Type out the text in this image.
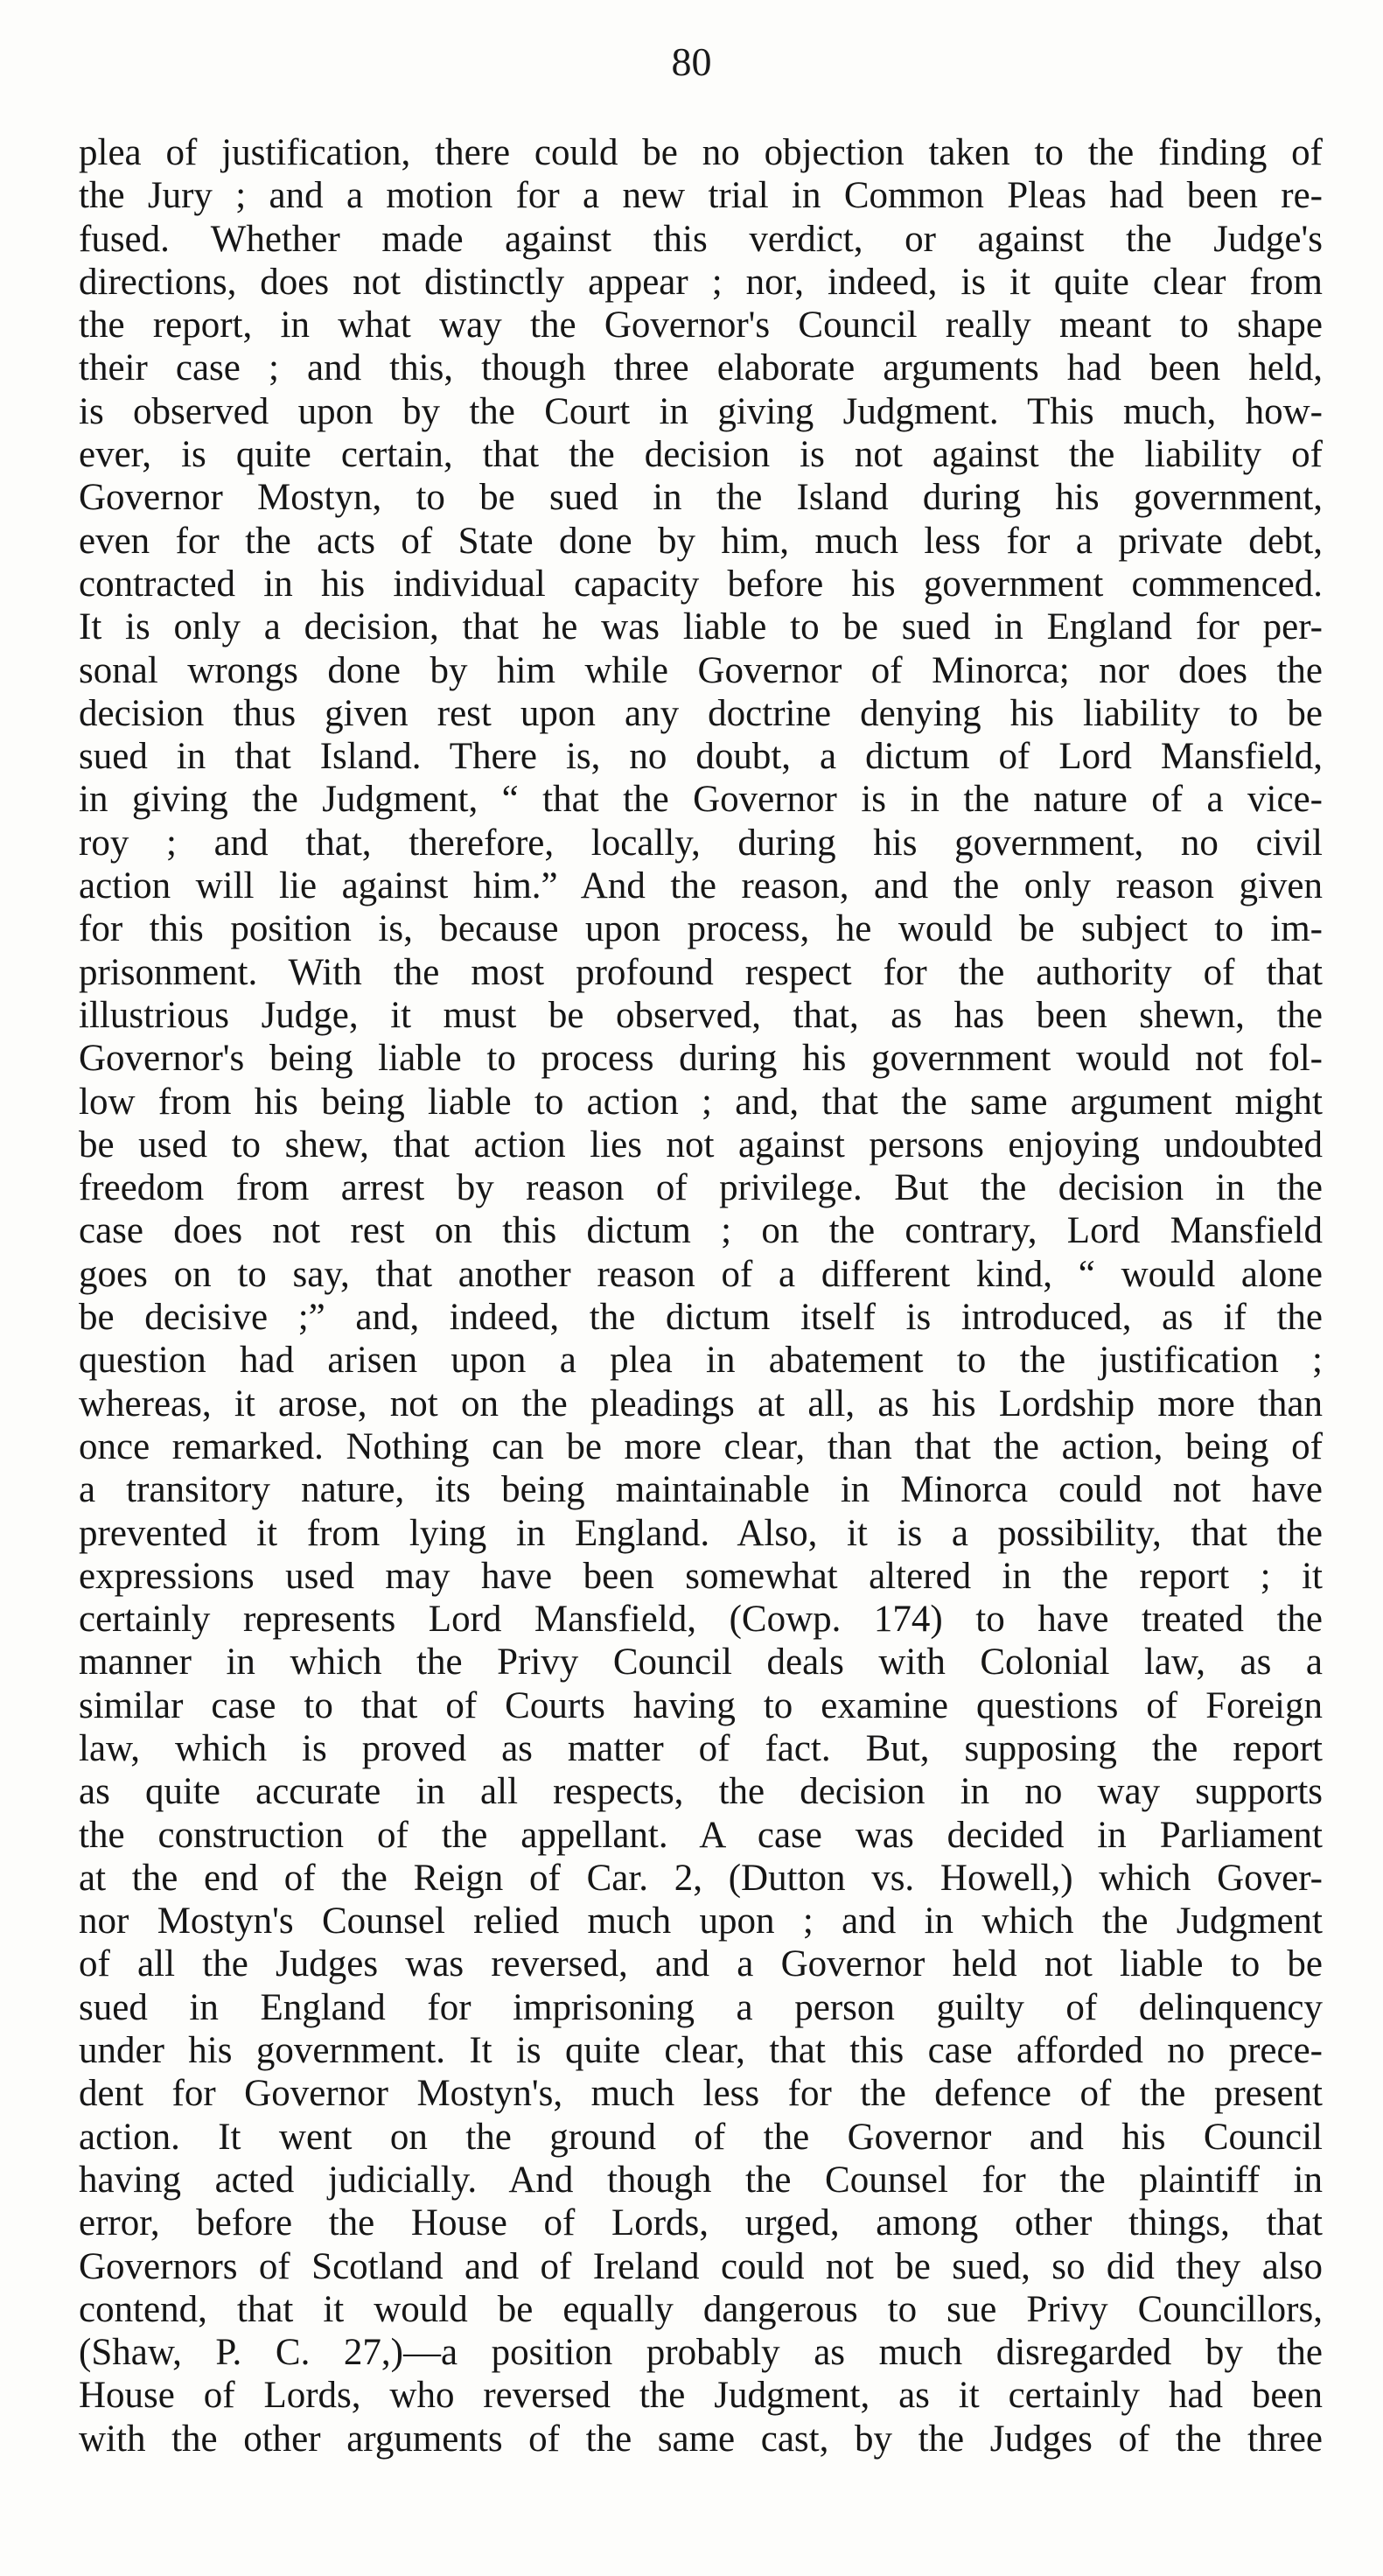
80
plea of justification, there could be no objection taken to the finding of
the Jury ; and a motion for a new trial in Common Pleas had been re-
fused. Whether made against this verdict, or against the Judge's
directions, does not distinctly appear ; nor, indeed, is it quite clear from
the report, in what way the Governor's Council really meant to shape
their case ; and this, though three elaborate arguments had been held,
is observed upon by the Court in giving Judgment. This much, how-
ever, is quite certain, that the decision is not against the liability of
Governor Mostyn, to be sued in the Island during his government,
even for the acts of State done by him, much less for a private debt,
contracted in his individual capacity before his government commenced.
It is only a decision, that he was liable to be sued in England for per-
sonal wrongs done by him while Governor of Minorca; nor does the
decision thus given rest upon any doctrine denying his liability to be
sued in that Island. There is, no doubt, a dictum of Lord Mansfield,
in giving the Judgment, “ that the Governor is in the nature of a vice-
roy ; and that, therefore, locally, during his government, no civil
action will lie against him.” And the reason, and the only reason given
for this position is, because upon process, he would be subject to im-
prisonment. With the most profound respect for the authority of that
illustrious Judge, it must be observed, that, as has been shewn, the
Governor's being liable to process during his government would not fol-
low from his being liable to action ; and, that the same argument might
be used to shew, that action lies not against persons enjoying undoubted
freedom from arrest by reason of privilege. But the decision in the
case does not rest on this dictum ; on the contrary, Lord Mansfield
goes on to say, that another reason of a different kind, “ would alone
be decisive ;” and, indeed, the dictum itself is introduced, as if the
question had arisen upon a plea in abatement to the justification ;
whereas, it arose, not on the pleadings at all, as his Lordship more than
once remarked. Nothing can be more clear, than that the action, being of
a transitory nature, its being maintainable in Minorca could not have
prevented it from lying in England. Also, it is a possibility, that the
expressions used may have been somewhat altered in the report ; it
certainly represents Lord Mansfield, (Cowp. 174) to have treated the
manner in which the Privy Council deals with Colonial law, as a
similar case to that of Courts having to examine questions of Foreign
law, which is proved as matter of fact. But, supposing the report
as quite accurate in all respects, the decision in no way supports
the construction of the appellant. A case was decided in Parliament
at the end of the Reign of Car. 2, (Dutton vs. Howell,) which Gover-
nor Mostyn's Counsel relied much upon ; and in which the Judgment
of all the Judges was reversed, and a Governor held not liable to be
sued in England for imprisoning a person guilty of delinquency
under his government. It is quite clear, that this case afforded no prece-
dent for Governor Mostyn's, much less for the defence of the present
action. It went on the ground of the Governor and his Council
having acted judicially. And though the Counsel for the plaintiff in
error, before the House of Lords, urged, among other things, that
Governors of Scotland and of Ireland could not be sued, so did they also
contend, that it would be equally dangerous to sue Privy Councillors,
(Shaw, P. C. 27,)—a position probably as much disregarded by the
House of Lords, who reversed the Judgment, as it certainly had been
with the other arguments of the same cast, by the Judges of the three
